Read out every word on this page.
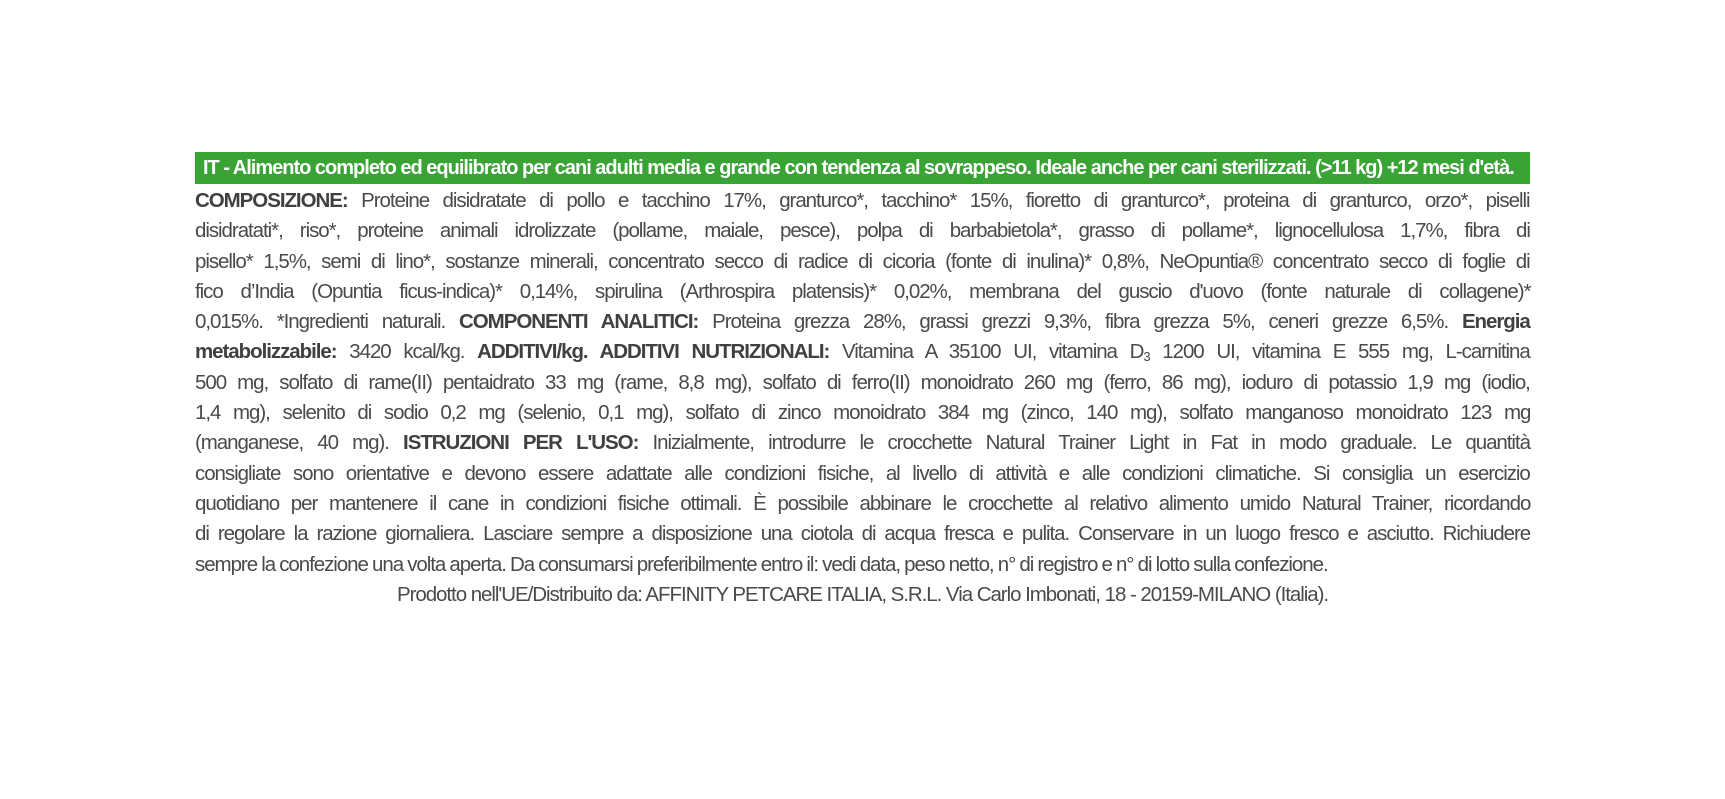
IT - Alimento completo ed equilibrato per cani adulti media e grande con tendenza al sovrappeso. Ideale anche per cani sterilizzati. (>11 kg) +12 mesi d'età.
COMPOSIZIONE: Proteine disidratate di pollo e tacchino 17%, granturco*, tacchino* 15%, fioretto di granturco*, proteina di granturco, orzo*, piselli
disidratati*, riso*, proteine animali idrolizzate (pollame, maiale, pesce), polpa di barbabietola*, grasso di pollame*, lignocellulosa 1,7%, fibra di
pisello* 1,5%, semi di lino*, sostanze minerali, concentrato secco di radice di cicoria (fonte di inulina)* 0,8%, NeOpuntia® concentrato secco di foglie di
fico d’India (Opuntia ficus-indica)* 0,14%, spirulina (Arthrospira platensis)* 0,02%, membrana del guscio d'uovo (fonte naturale di collagene)*
0,015%. *Ingredienti naturali. COMPONENTI ANALITICI: Proteina grezza 28%, grassi grezzi 9,3%, fibra grezza 5%, ceneri grezze 6,5%. Energia
metabolizzabile: 3420 kcal/kg. ADDITIVI/kg. ADDITIVI NUTRIZIONALI: Vitamina A 35100 UI, vitamina $D_3$ 1200 UI, vitamina E 555 mg, L-carnitina
500 mg, solfato di rame(II) pentaidrato 33 mg (rame, 8,8 mg), solfato di ferro(II) monoidrato 260 mg (ferro, 86 mg), ioduro di potassio 1,9 mg (iodio,
1,4 mg), selenito di sodio 0,2 mg (selenio, 0,1 mg), solfato di zinco monoidrato 384 mg (zinco, 140 mg), solfato manganoso monoidrato 123 mg
(manganese, 40 mg). ISTRUZIONI PER L'USO: Inizialmente, introdurre le crocchette Natural Trainer Light in Fat in modo graduale. Le quantità
consigliate sono orientative e devono essere adattate alle condizioni fisiche, al livello di attività e alle condizioni climatiche. Si consiglia un esercizio
quotidiano per mantenere il cane in condizioni fisiche ottimali. È possibile abbinare le crocchette al relativo alimento umido Natural Trainer, ricordando
di regolare la razione giornaliera. Lasciare sempre a disposizione una ciotola di acqua fresca e pulita. Conservare in un luogo fresco e asciutto. Richiudere
sempre la confezione una volta aperta. Da consumarsi preferibilmente entro il: vedi data, peso netto, n° di registro e n° di lotto sulla confezione.
Prodotto nell'UE/Distribuito da: AFFINITY PETCARE ITALIA, S.R.L. Via Carlo Imbonati, 18 - 20159-MILANO (Italia).
